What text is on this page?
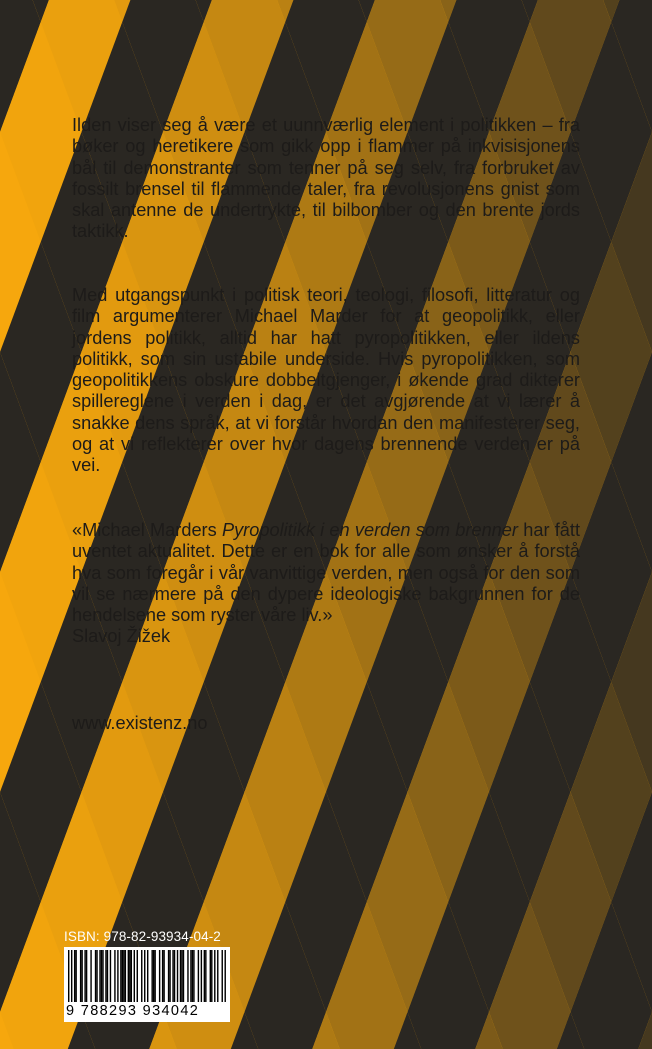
Ilden viser seg å være et uunnværlig element i politikken – fra bøker og heretikere som gikk opp i flammer på inkvisisjonens bål til demonstranter som tenner på seg selv, fra forbruket av fossilt brensel til flammende taler, fra revolusjonens gnist som skal antenne de undertrykte, til bilbomber og den brente jords taktikk.
Med utgangspunkt i politisk teori, teologi, filosofi, litteratur og film argumenterer Michael Marder for at geopolitikk, eller jordens politikk, alltid har hatt pyropolitikken, eller ildens politikk, som sin ustabile underside. Hvis pyropolitikken, som geopolitikkens obskure dobbeltgjenger, i økende grad dikterer spillereglene i verden i dag, er det avgjørende at vi lærer å snakke dens språk, at vi forstår hvordan den manifesterer seg, og at vi reflekterer over hvor dagens brennende verden er på vei.

«Michael Marders Pyropolitikk i en verden som brenner har fått uventet aktualitet. Dette er en bok for alle som ønsker å forstå hva som foregår i vår vanvittige verden, men også for den som vil se nærmere på den dypere ideologiske bakgrunnen for de hendelsene som ryster våre liv.»

Slavoj Žižek

www.existenz.no
ISBN: 978-82-93934-04-2
9 788293 934042
